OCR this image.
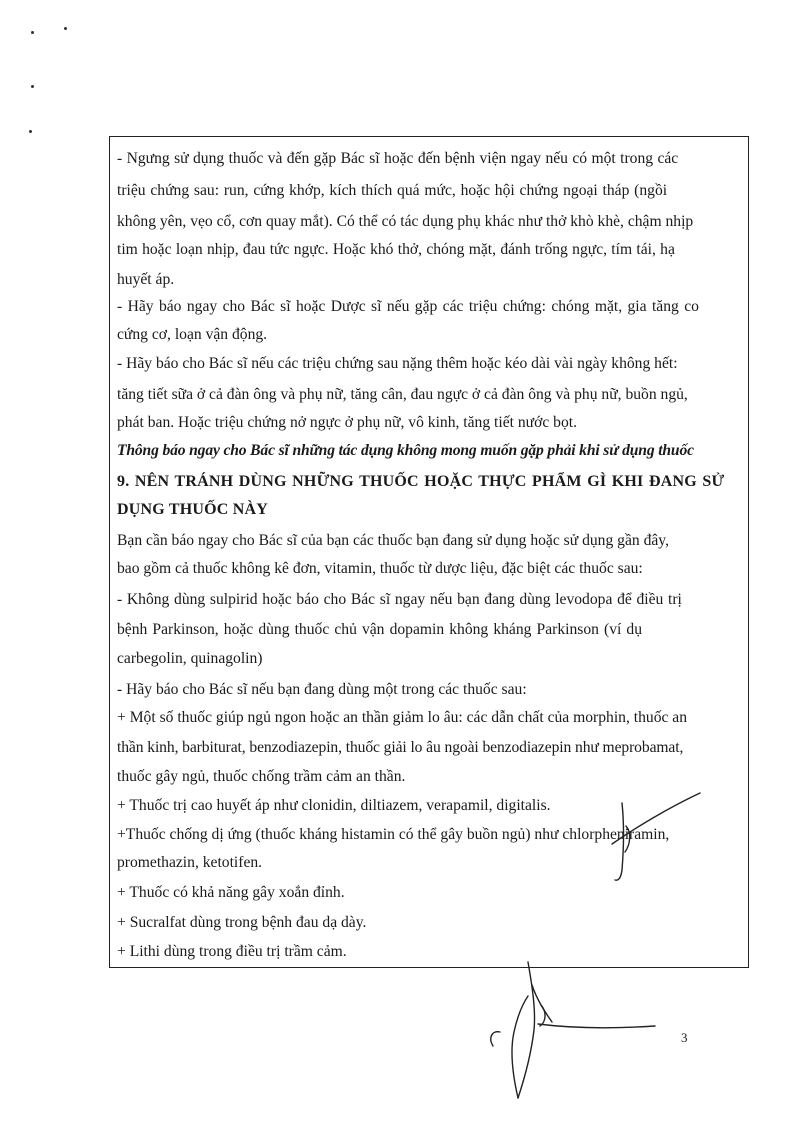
- Ngưng sử dụng thuốc và đến gặp Bác sĩ hoặc đến bệnh viện ngay nếu có một trong các
triệu chứng sau: run, cứng khớp, kích thích quá mức, hoặc hội chứng ngoại tháp (ngồi
không yên, vẹo cổ, cơn quay mắt). Có thể có tác dụng phụ khác như thở khò khè, chậm nhịp
tim hoặc loạn nhịp, đau tức ngực. Hoặc khó thở, chóng mặt, đánh trống ngực, tím tái, hạ
huyết áp.
- Hãy báo ngay cho Bác sĩ hoặc Dược sĩ nếu gặp các triệu chứng: chóng mặt, gia tăng co
cứng cơ, loạn vận động.
- Hãy báo cho Bác sĩ nếu các triệu chứng sau nặng thêm hoặc kéo dài vài ngày không hết:
tăng tiết sữa ở cả đàn ông và phụ nữ, tăng cân, đau ngực ở cả đàn ông và phụ nữ, buồn ngủ,
phát ban. Hoặc triệu chứng nở ngực ở phụ nữ, vô kinh, tăng tiết nước bọt.
Thông báo ngay cho Bác sĩ những tác dụng không mong muốn gặp phải khi sử dụng thuốc
9. NÊN TRÁNH DÙNG NHỮNG THUỐC HOẶC THỰC PHẨM GÌ KHI ĐANG SỬ
DỤNG THUỐC NÀY
Bạn cần báo ngay cho Bác sĩ của bạn các thuốc bạn đang sử dụng hoặc sử dụng gần đây,
bao gồm cả thuốc không kê đơn, vitamin, thuốc từ dược liệu, đặc biệt các thuốc sau:
- Không dùng sulpirid hoặc báo cho Bác sĩ ngay nếu bạn đang dùng levodopa để điều trị
bệnh Parkinson, hoặc dùng thuốc chủ vận dopamin không kháng Parkinson (ví dụ
carbegolin, quinagolin)
- Hãy báo cho Bác sĩ nếu bạn đang dùng một trong các thuốc sau:
+ Một số thuốc giúp ngủ ngon hoặc an thần giảm lo âu: các dẫn chất của morphin, thuốc an
thần kinh, barbiturat, benzodiazepin, thuốc giải lo âu ngoài benzodiazepin như meprobamat,
thuốc gây ngủ, thuốc chống trầm cảm an thần.
+ Thuốc trị cao huyết áp như clonidin, diltiazem, verapamil, digitalis.
+Thuốc chống dị ứng (thuốc kháng histamin có thể gây buồn ngủ) như chlorpheniramin,
promethazin, ketotifen.
+ Thuốc có khả năng gây xoắn đỉnh.
+ Sucralfat dùng trong bệnh đau dạ dày.
+ Lithi dùng trong điều trị trầm cảm.
3
